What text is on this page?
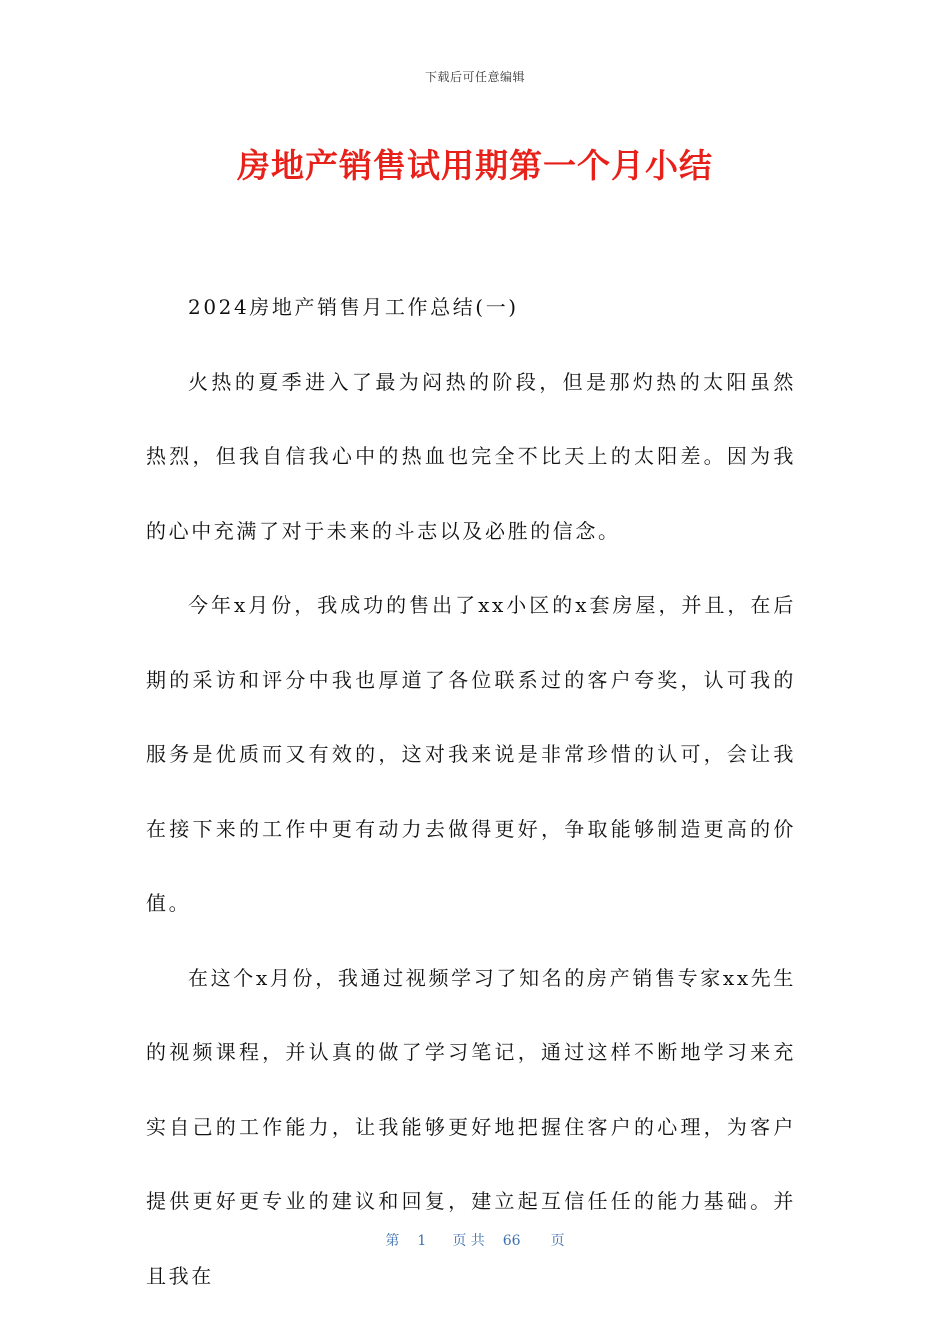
下载后可任意编辑
房地产销售试用期第一个月小结

2024房地产销售月工作总结(一)

火热的夏季进入了最为闷热的阶段，但是那灼热的太阳虽然热烈，但我自信我心中的热血也完全不比天上的太阳差。因为我的心中充满了对于未来的斗志以及必胜的信念。

今年x月份，我成功的售出了xx小区的x套房屋，并且，在后期的采访和评分中我也厚道了各位联系过的客户夸奖，认可我的服务是优质而又有效的，这对我来说是非常珍惜的认可，会让我在接下来的工作中更有动力去做得更好，争取能够制造更高的价值。

在这个x月份，我通过视频学习了知名的房产销售专家xx先生的视频课程，并认真的做了学习笔记，通过这样不断地学习来充实自己的工作能力，让我能够更好地把握住客户的心理，为客户提供更好更专业的建议和回复，建立起互信任任的能力基础。并且我在

第 1 页 共 66 页
